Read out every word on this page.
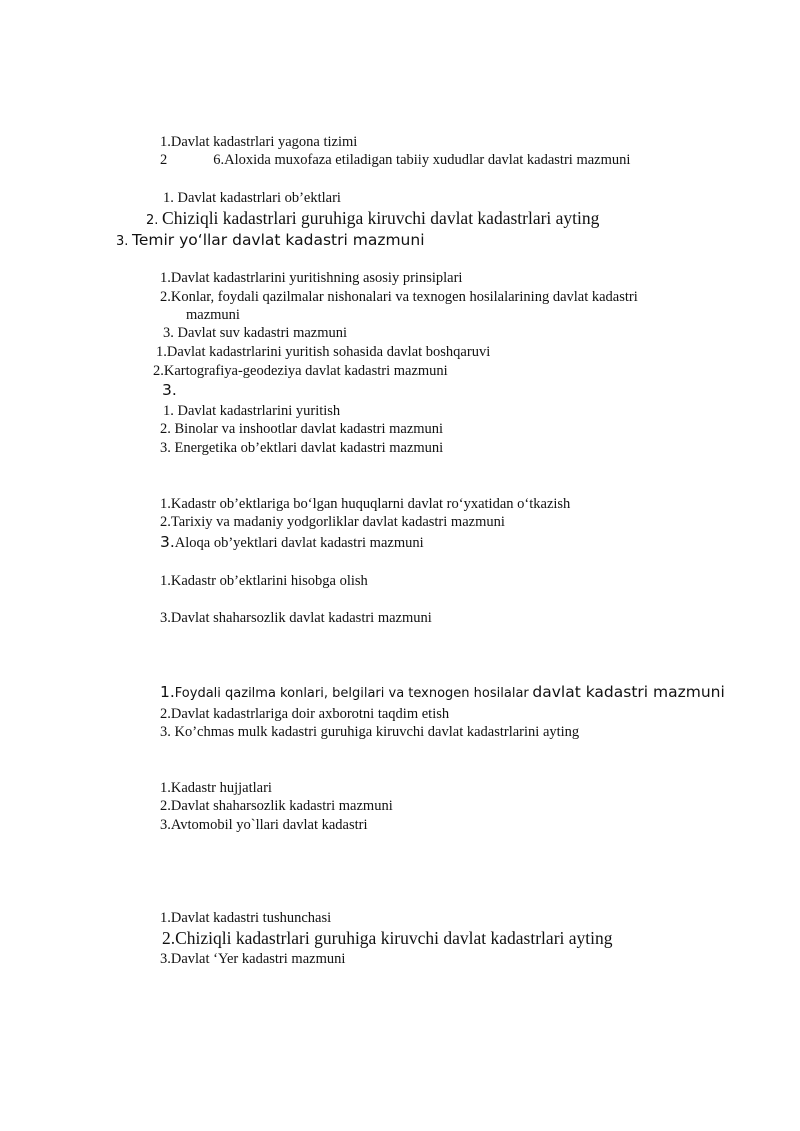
1.Davlat kadastrlari yagona tizimi
2	6.Aloxida muxofaza etiladigan tabiiy xududlar davlat kadastri mazmuni
1. Davlat kadastrlari ob’ektlari
2. Chiziqli kadastrlari guruhiga kiruvchi davlat kadastrlari ayting
3. Temir yo‘llar davlat kadastri mazmuni
1.Davlat kadastrlarini yuritishning asosiy prinsiplari
2.Konlar, foydali qazilmalar nishonalari va texnogen hosilalarining davlat kadastri
mazmuni
3. Davlat suv kadastri mazmuni
1.Davlat kadastrlarini yuritish sohasida davlat boshqaruvi
2.Kartografiya-geodeziya davlat kadastri mazmuni
3.
1. Davlat kadastrlarini yuritish
2. Binolar va inshootlar davlat kadastri mazmuni
3. Energetika ob’ektlari davlat kadastri mazmuni
1.Kadastr ob’ektlariga bo‘lgan huquqlarni davlat ro‘yxatidan o‘tkazish
2.Tarixiy va madaniy yodgorliklar davlat kadastri mazmuni
3.Aloqa ob’yektlari davlat kadastri mazmuni
1.Kadastr ob’ektlarini hisobga olish
3.Davlat shaharsozlik davlat kadastri mazmuni
1.Foydali qazilma konlari, belgilari va texnogen hosilalar davlat kadastri mazmuni
2.Davlat kadastrlariga doir axborotni taqdim etish
3. Ko’chmas mulk kadastri guruhiga kiruvchi davlat kadastrlarini ayting
1.Kadastr hujjatlari
2.Davlat shaharsozlik kadastri mazmuni
3.Avtomobil yo`llari davlat kadastri
1.Davlat kadastri tushunchasi
2.Chiziqli kadastrlari guruhiga kiruvchi davlat kadastrlari ayting
3.Davlat ‘Yer kadastri mazmuni
